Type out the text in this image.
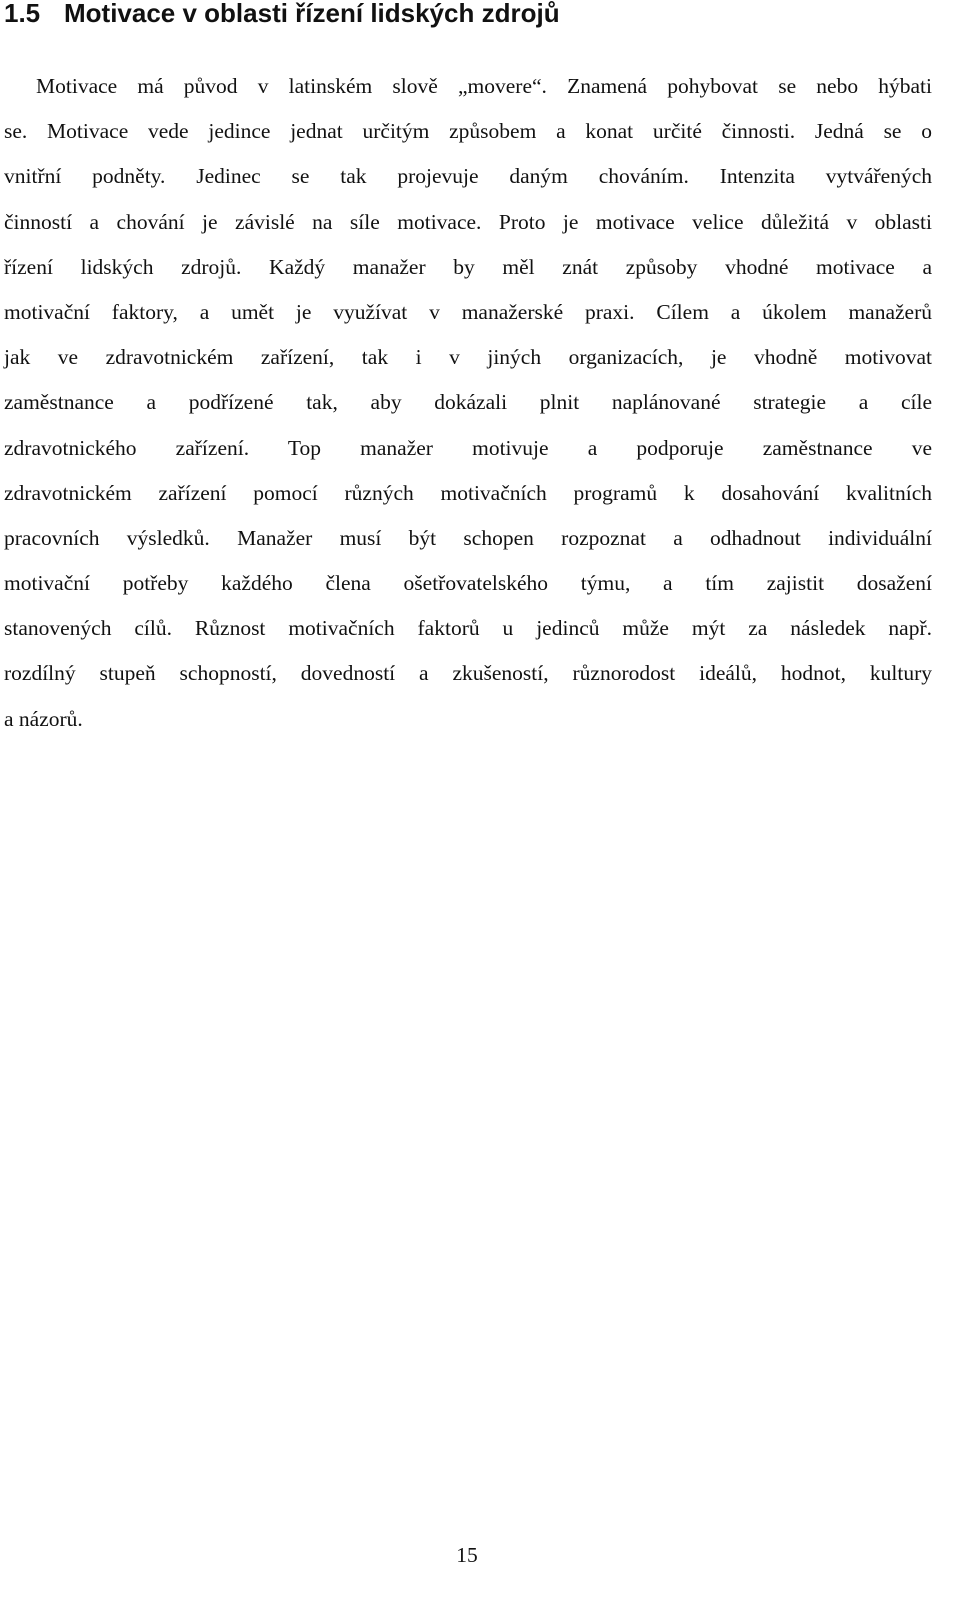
1.5 Motivace v oblasti řízení lidských zdrojů
Motivace má původ v latinském slově „movere“. Znamená pohybovat se nebo hýbati
se. Motivace vede jedince jednat určitým způsobem a konat určité činnosti. Jedná se o
vnitřní podněty. Jedinec se tak projevuje daným chováním. Intenzita vytvářených
činností a chování je závislé na síle motivace. Proto je motivace velice důležitá v oblasti
řízení lidských zdrojů. Každý manažer by měl znát způsoby vhodné motivace a
motivační faktory, a umět je využívat v manažerské praxi. Cílem a úkolem manažerů
jak ve zdravotnickém zařízení, tak i v jiných organizacích, je vhodně motivovat
zaměstnance a podřízené tak, aby dokázali plnit naplánované strategie a cíle
zdravotnického zařízení. Top manažer motivuje a podporuje zaměstnance ve
zdravotnickém zařízení pomocí různých motivačních programů k dosahování kvalitních
pracovních výsledků. Manažer musí být schopen rozpoznat a odhadnout individuální
motivační potřeby každého člena ošetřovatelského týmu, a tím zajistit dosažení
stanovených cílů. Různost motivačních faktorů u jedinců může mýt za následek např.
rozdílný stupeň schopností, dovedností a zkušeností, různorodost ideálů, hodnot, kultury
a názorů.
15
